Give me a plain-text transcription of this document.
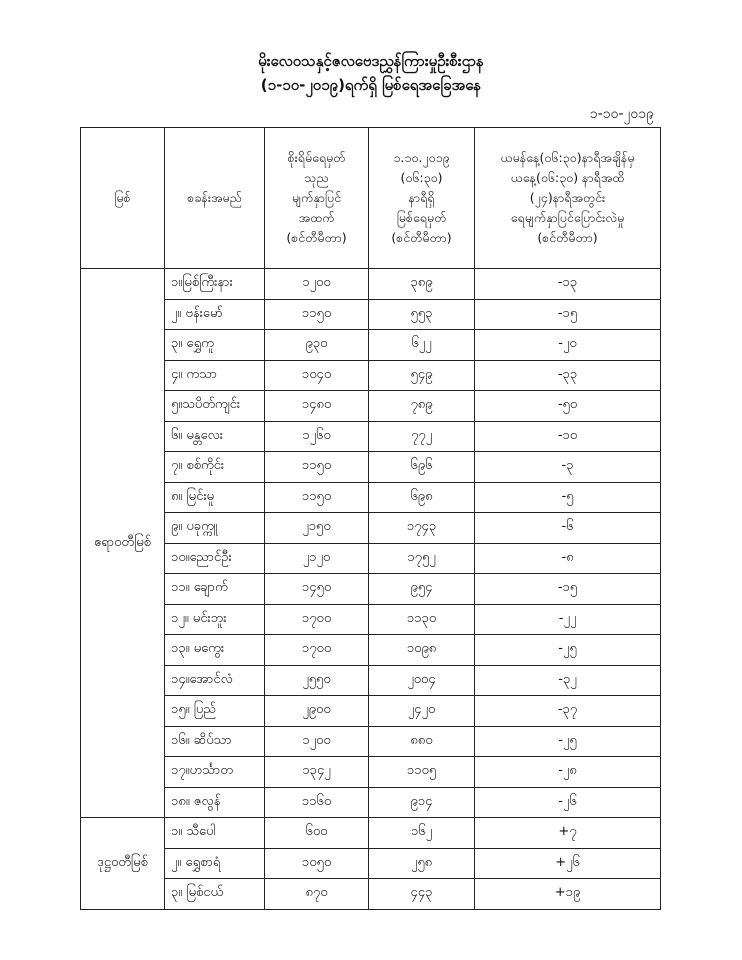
မိုးလေဝသနှင့်ဇလဗေဒညွှန်ကြားမှုဦးစီးဌာန
(၁-၁၀-၂၀၁၉)ရက်ရှိ မြစ်ရေအခြေအနေ
၁-၁၀-၂၀၁၉
မြစ်	စခန်းအမည်	စိုးရိမ်ရေမှတ်
သုည
မျက်နှာပြင်
အထက်
(စင်တီမီတာ)	၁.၁၀.၂၀၁၉
(၀၆:၃၀)
နာရီရှိ
မြစ်ရေမှတ်
(စင်တီမီတာ)	ယမန်နေ့(၀၆:၃၀)နာရီအချိန်မှ
ယနေ့(၀၆:၃၀) နာရီအထိ
(၂၄)နာရီအတွင်း
ရေမျက်နှာပြင်ပြောင်းလဲမှု
(စင်တီမီတာ)

ဧရာဝတီမြစ်	၁။မြစ်ကြီးနား	၁၂၀၀	၃၈၉	-၁၃
	၂။ ဗန်းမော်	၁၁၅၀	၅၅၃	-၁၅
	၃။ ရွှေကူ	၉၃၀	၆၂၂	-၂၀
	၄။ ကသာ	၁၀၄၀	၅၄၉	-၃၃
	၅။သပိတ်ကျင်း	၁၄၈၀	၇၈၉	-၅၀
	၆။ မန္တလေး	၁၂၆၀	၇၇၂	-၁၀
	၇။ စစ်ကိုင်း	၁၁၅၀	၆၉၆	-၃
	၈။ မြင်းမူ	၁၁၅၀	၆၉၈	-၅
	၉။ ပခုက္ကူ	၂၁၅၀	၁၇၄၃	-၆
	၁၀။ညောင်ဦး	၂၁၂၀	၁၇၅၂	-၈
	၁၁။ ချောက်	၁၄၅၀	၉၅၄	-၁၅
	၁၂။ မင်းဘူး	၁၇၀၀	၁၁၃၀	-၂၂
	၁၃။ မကွေး	၁၇၀၀	၁၀၉၈	-၂၅
	၁၄။အောင်လံ	၂၅၅၀	၂၀၀၄	-၃၂
	၁၅။ ပြည်	၂၉၀၀	၂၄၂၀	-၃၇
	၁၆။ ဆိပ်သာ	၁၂၀၀	၈၈၀	-၂၅
	၁၇။ဟင်္သာတ	၁၃၄၂	၁၁၀၅	-၂၈
	၁၈။ ဇလွန်	၁၁၆၀	၉၁၄	-၂၆
ဒုဋ္ဌဝတီမြစ်	၁။ သီပေါ	၆၀၀	၁၆၂	+၇
	၂။ ရွှေစာရံ	၁၀၅၀	၂၅၈	+၂၆
	၃။ မြစ်ငယ်	၈၇၀	၄၄၃	+၁၉
